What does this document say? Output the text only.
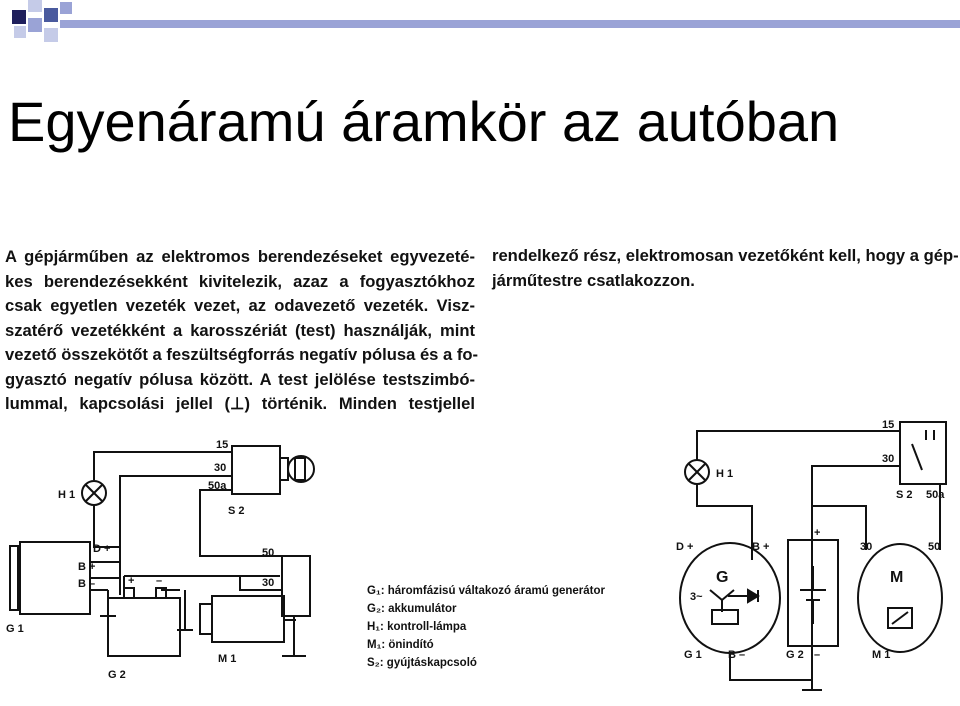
Egyenáramú áramkör az autóban
A gépjárműben az elektromos berendezéseket egyvezeté-
kes berendezésekként kivitelezik, azaz a fogyasztókhoz
csak egyetlen vezeték vezet, az odavezető vezeték. Visz-
szatérő vezetékként a karosszériát (test) használják, mint
vezető összekötőt a feszültségforrás negatív pólusa és a fo-
gyasztó negatív pólusa között. A test jelölése testszimbó-
lummal, kapcsolási jellel (⊥) történik. Minden testjellel
rendelkező rész, elektromosan vezetőként kell, hogy a gép-
járműtestre csatlakozzon.
15
30
50a
S 2
H 1
D +
B +
B –	+ –
50
30
G 1
G 2
M 1
G₁: háromfázisú váltakozó áramú generátor
G₂: akkumulátor
H₁: kontroll-lámpa
M₁: önindító
S₂: gyújtáskapcsoló
15
30
S 2 50a
H 1
D +	B +	30	50
G
3~
+
–
M
G 1 B –	G 2	M 1
